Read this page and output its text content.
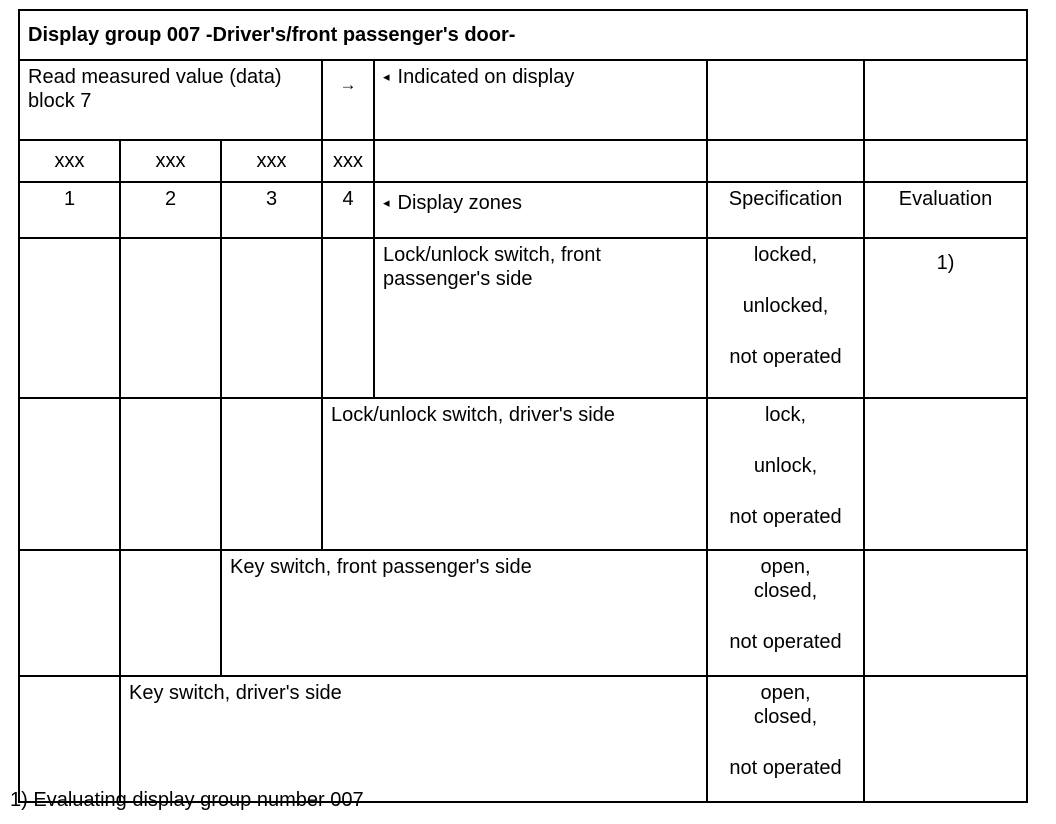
Display group 007 -Driver's/front passenger's door-						
Read measured value (data) block 7			→	◂ Indicated on display		
xxx	xxx	xxx	xxx			
1	2	3	4	◂ Display zones	Specification	Evaluation
				Lock/unlock switch, front passenger's side	locked,
unlocked,
not operated	1)
			Lock/unlock switch, driver's side		lock,
unlock,
not operated	

		Key switch, front passenger's side			open,
closed,
not operated	

	Key switch, driver's side				open,
closed,
not operated	

1) Evaluating display group number 007
